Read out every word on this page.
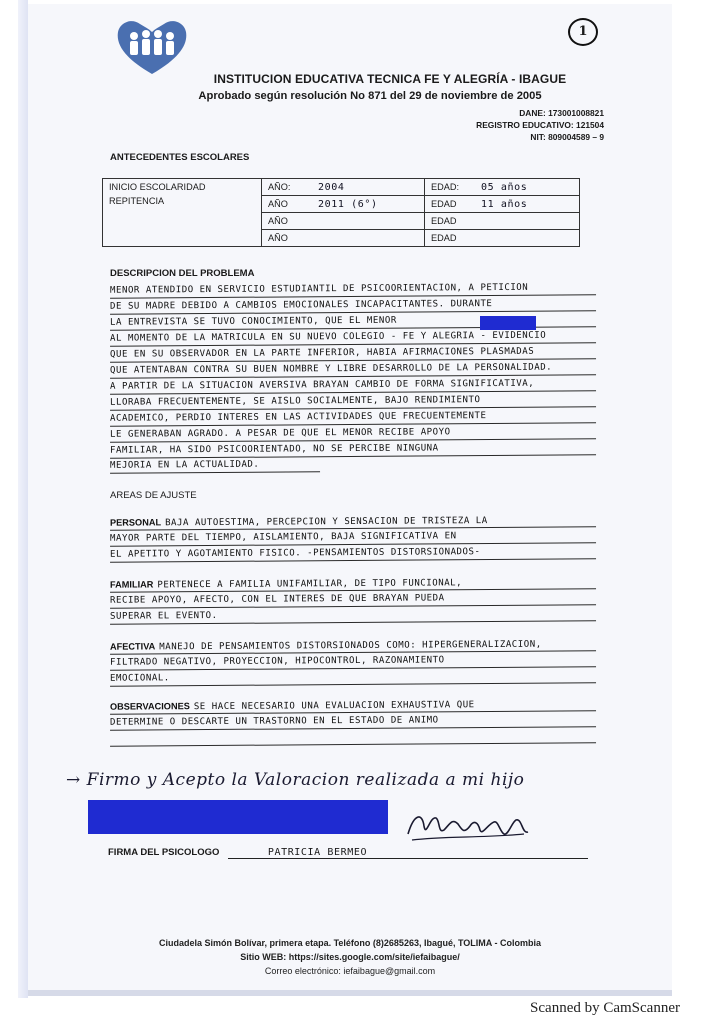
1
INSTITUCION EDUCATIVA TECNICA FE Y ALEGRÍA - IBAGUE
Aprobado según resolución No 871 del 29 de noviembre de 2005
DANE: 173001008821
REGISTRO EDUCATIVO: 121504
NIT: 809004589 – 9
ANTECEDENTES ESCOLARES
INICIO ESCOLARIDAD	AÑO:	2004	EDAD:	05 años
REPITENCIA	AÑO	2011 (6°)	EDAD	11 años
	AÑO		EDAD	
	AÑO		EDAD	
DESCRIPCION DEL PROBLEMA
MENOR ATENDIDO EN SERVICIO ESTUDIANTIL DE PSICOORIENTACION, A PETICION
DE SU MADRE DEBIDO A CAMBIOS EMOCIONALES INCAPACITANTES. DURANTE
LA ENTREVISTA SE TUVO CONOCIMIENTO, QUE EL MENOR
AL MOMENTO DE LA MATRICULA EN SU NUEVO COLEGIO - FE Y ALEGRIA - EVIDENCIO
QUE EN SU OBSERVADOR EN LA PARTE INFERIOR, HABIA AFIRMACIONES PLASMADAS
QUE ATENTABAN CONTRA SU BUEN NOMBRE Y LIBRE DESARROLLO DE LA PERSONALIDAD.
A PARTIR DE LA SITUACION AVERSIVA BRAYAN CAMBIO DE FORMA SIGNIFICATIVA,
LLORABA FRECUENTEMENTE, SE AISLO SOCIALMENTE, BAJO RENDIMIENTO
ACADEMICO, PERDIO INTERES EN LAS ACTIVIDADES QUE FRECUENTEMENTE
LE GENERABAN AGRADO. A PESAR DE QUE EL MENOR RECIBE APOYO
FAMILIAR, HA SIDO PSICOORIENTADO, NO SE PERCIBE NINGUNA
MEJORIA EN LA ACTUALIDAD.
AREAS DE AJUSTE
PERSONAL BAJA AUTOESTIMA, PERCEPCION Y SENSACION DE TRISTEZA LA
MAYOR PARTE DEL TIEMPO, AISLAMIENTO, BAJA SIGNIFICATIVA EN
EL APETITO Y AGOTAMIENTO FISICO. -PENSAMIENTOS DISTORSIONADOS-
FAMILIAR PERTENECE A FAMILIA UNIFAMILIAR, DE TIPO FUNCIONAL,
RECIBE APOYO, AFECTO, CON EL INTERES DE QUE BRAYAN PUEDA
SUPERAR EL EVENTO.
AFECTIVA MANEJO DE PENSAMIENTOS DISTORSIONADOS COMO: HIPERGENERALIZACION,
FILTRADO NEGATIVO, PROYECCION, HIPOCONTROL, RAZONAMIENTO
EMOCIONAL.
OBSERVACIONES SE HACE NECESARIO UNA EVALUACION EXHAUSTIVA QUE
DETERMINE O DESCARTE UN TRASTORNO EN EL ESTADO DE ANIMO
→ Firmo y Acepto la Valoracion realizada a mi hijo
FIRMA DEL PSICOLOGO	PATRICIA BERMEO
Ciudadela Simón Bolívar, primera etapa. Teléfono (8)2685263, Ibagué, TOLIMA - Colombia
Sitio WEB: https://sites.google.com/site/iefaibague/
Correo electrónico: iefaibague@gmail.com
Scanned by CamScanner
